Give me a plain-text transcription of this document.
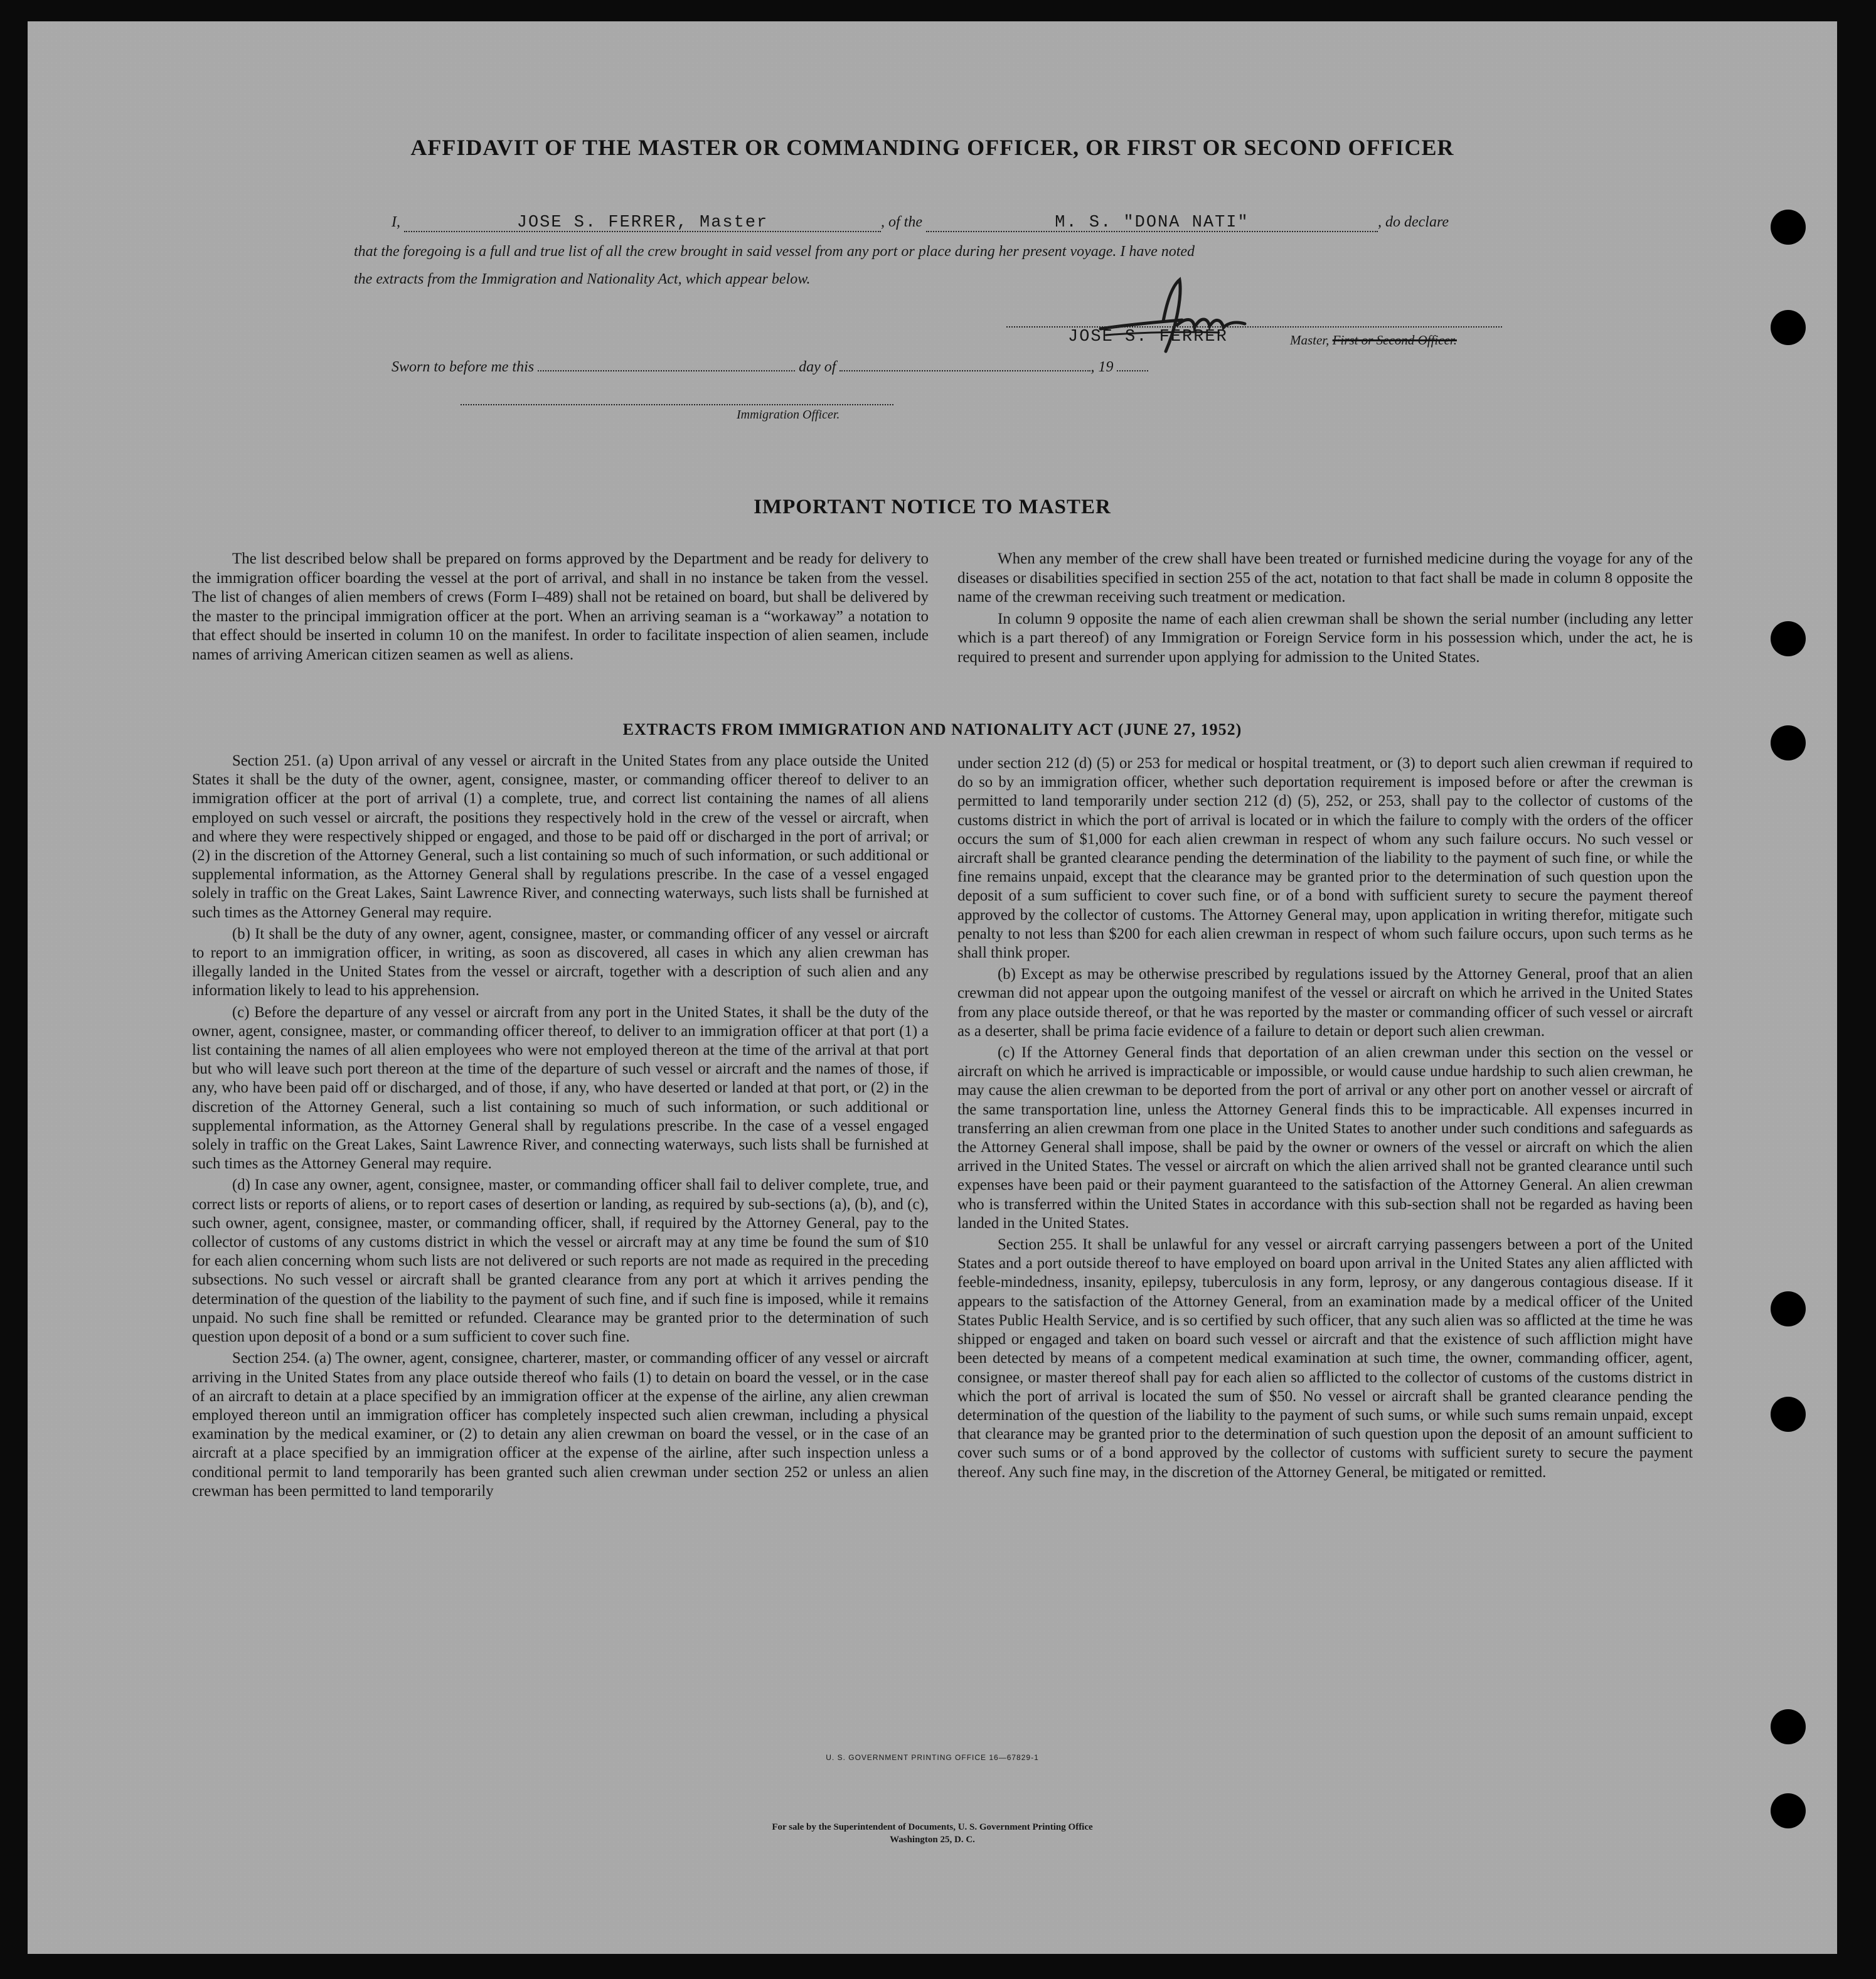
AFFIDAVIT OF THE MASTER OR COMMANDING OFFICER, OR FIRST OR SECOND OFFICER
I,	JOSE S. FERRER, Master	, of the	M. S. "DONA NATI"	, do declare
that the foregoing is a full and true list of all the crew brought in said vessel from any port or place during her present voyage. I have noted
the extracts from the Immigration and Nationality Act, which appear below.
JOSE S. FERRER	Master, First or Second Officer.
Sworn to before me this	day of	, 19
Immigration Officer.
IMPORTANT NOTICE TO MASTER

The list described below shall be prepared on forms approved by the Department and be ready for delivery to the immigration officer boarding the vessel at the port of arrival, and shall in no instance be taken from the vessel. The list of changes of alien members of crews (Form I–489) shall not be retained on board, but shall be delivered by the master to the principal immigration officer at the port. When an arriving seaman is a “workaway” a notation to that effect should be inserted in column 10 on the manifest. In order to facilitate inspection of alien seamen, include names of arriving American citizen seamen as well as aliens.

When any member of the crew shall have been treated or furnished medicine during the voyage for any of the diseases or disabilities specified in section 255 of the act, notation to that fact shall be made in column 8 opposite the name of the crewman receiving such treatment or medication.

In column 9 opposite the name of each alien crewman shall be shown the serial number (including any letter which is a part thereof) of any Immigration or Foreign Service form in his possession which, under the act, he is required to present and surrender upon applying for admission to the United States.

EXTRACTS FROM IMMIGRATION AND NATIONALITY ACT (JUNE 27, 1952)

Section 251. (a) Upon arrival of any vessel or aircraft in the United States from any place outside the United States it shall be the duty of the owner, agent, consignee, master, or commanding officer thereof to deliver to an immigration officer at the port of arrival (1) a complete, true, and correct list containing the names of all aliens employed on such vessel or aircraft, the positions they respectively hold in the crew of the vessel or aircraft, when and where they were respectively shipped or engaged, and those to be paid off or discharged in the port of arrival; or (2) in the discretion of the Attorney General, such a list containing so much of such information, or such additional or supplemental information, as the Attorney General shall by regulations prescribe. In the case of a vessel engaged solely in traffic on the Great Lakes, Saint Lawrence River, and connecting waterways, such lists shall be furnished at such times as the Attorney General may require.

(b) It shall be the duty of any owner, agent, consignee, master, or commanding officer of any vessel or aircraft to report to an immigration officer, in writing, as soon as discovered, all cases in which any alien crewman has illegally landed in the United States from the vessel or aircraft, together with a description of such alien and any information likely to lead to his apprehension.

(c) Before the departure of any vessel or aircraft from any port in the United States, it shall be the duty of the owner, agent, consignee, master, or commanding officer thereof, to deliver to an immigration officer at that port (1) a list containing the names of all alien employees who were not employed thereon at the time of the arrival at that port but who will leave such port thereon at the time of the departure of such vessel or aircraft and the names of those, if any, who have been paid off or discharged, and of those, if any, who have deserted or landed at that port, or (2) in the discretion of the Attorney General, such a list containing so much of such information, or such additional or supplemental information, as the Attorney General shall by regulations prescribe. In the case of a vessel engaged solely in traffic on the Great Lakes, Saint Lawrence River, and connecting waterways, such lists shall be furnished at such times as the Attorney General may require.

(d) In case any owner, agent, consignee, master, or commanding officer shall fail to deliver complete, true, and correct lists or reports of aliens, or to report cases of desertion or landing, as required by sub-sections (a), (b), and (c), such owner, agent, consignee, master, or commanding officer, shall, if required by the Attorney General, pay to the collector of customs of any customs district in which the vessel or aircraft may at any time be found the sum of $10 for each alien concerning whom such lists are not delivered or such reports are not made as required in the preceding subsections. No such vessel or aircraft shall be granted clearance from any port at which it arrives pending the determination of the question of the liability to the payment of such fine, and if such fine is imposed, while it remains unpaid. No such fine shall be remitted or refunded. Clearance may be granted prior to the determination of such question upon deposit of a bond or a sum sufficient to cover such fine.

Section 254. (a) The owner, agent, consignee, charterer, master, or commanding officer of any vessel or aircraft arriving in the United States from any place outside thereof who fails (1) to detain on board the vessel, or in the case of an aircraft to detain at a place specified by an immigration officer at the expense of the airline, any alien crewman employed thereon until an immigration officer has completely inspected such alien crewman, including a physical examination by the medical examiner, or (2) to detain any alien crewman on board the vessel, or in the case of an aircraft at a place specified by an immigration officer at the expense of the airline, after such inspection unless a conditional permit to land temporarily has been granted such alien crewman under section 252 or unless an alien crewman has been permitted to land temporarily

under section 212 (d) (5) or 253 for medical or hospital treatment, or (3) to deport such alien crewman if required to do so by an immigration officer, whether such deportation requirement is imposed before or after the crewman is permitted to land temporarily under section 212 (d) (5), 252, or 253, shall pay to the collector of customs of the customs district in which the port of arrival is located or in which the failure to comply with the orders of the officer occurs the sum of $1,000 for each alien crewman in respect of whom any such failure occurs. No such vessel or aircraft shall be granted clearance pending the determination of the liability to the payment of such fine, or while the fine remains unpaid, except that the clearance may be granted prior to the determination of such question upon the deposit of a sum sufficient to cover such fine, or of a bond with sufficient surety to secure the payment thereof approved by the collector of customs. The Attorney General may, upon application in writing therefor, mitigate such penalty to not less than $200 for each alien crewman in respect of whom such failure occurs, upon such terms as he shall think proper.

(b) Except as may be otherwise prescribed by regulations issued by the Attorney General, proof that an alien crewman did not appear upon the outgoing manifest of the vessel or aircraft on which he arrived in the United States from any place outside thereof, or that he was reported by the master or commanding officer of such vessel or aircraft as a deserter, shall be prima facie evidence of a failure to detain or deport such alien crewman.

(c) If the Attorney General finds that deportation of an alien crewman under this section on the vessel or aircraft on which he arrived is impracticable or impossible, or would cause undue hardship to such alien crewman, he may cause the alien crewman to be deported from the port of arrival or any other port on another vessel or aircraft of the same transportation line, unless the Attorney General finds this to be impracticable. All expenses incurred in transferring an alien crewman from one place in the United States to another under such conditions and safeguards as the Attorney General shall impose, shall be paid by the owner or owners of the vessel or aircraft on which the alien arrived in the United States. The vessel or aircraft on which the alien arrived shall not be granted clearance until such expenses have been paid or their payment guaranteed to the satisfaction of the Attorney General. An alien crewman who is transferred within the United States in accordance with this sub-section shall not be regarded as having been landed in the United States.

Section 255. It shall be unlawful for any vessel or aircraft carrying passengers between a port of the United States and a port outside thereof to have employed on board upon arrival in the United States any alien afflicted with feeble-mindedness, insanity, epilepsy, tuberculosis in any form, leprosy, or any dangerous contagious disease. If it appears to the satisfaction of the Attorney General, from an examination made by a medical officer of the United States Public Health Service, and is so certified by such officer, that any such alien was so afflicted at the time he was shipped or engaged and taken on board such vessel or aircraft and that the existence of such affliction might have been detected by means of a competent medical examination at such time, the owner, commanding officer, agent, consignee, or master thereof shall pay for each alien so afflicted to the collector of customs of the customs district in which the port of arrival is located the sum of $50. No vessel or aircraft shall be granted clearance pending the determination of the question of the liability to the payment of such sums, or while such sums remain unpaid, except that clearance may be granted prior to the determination of such question upon the deposit of an amount sufficient to cover such sums or of a bond approved by the collector of customs with sufficient surety to secure the payment thereof. Any such fine may, in the discretion of the Attorney General, be mitigated or remitted.

U. S. GOVERNMENT PRINTING OFFICE 16—67829-1
For sale by the Superintendent of Documents, U. S. Government Printing Office
Washington 25, D. C.
